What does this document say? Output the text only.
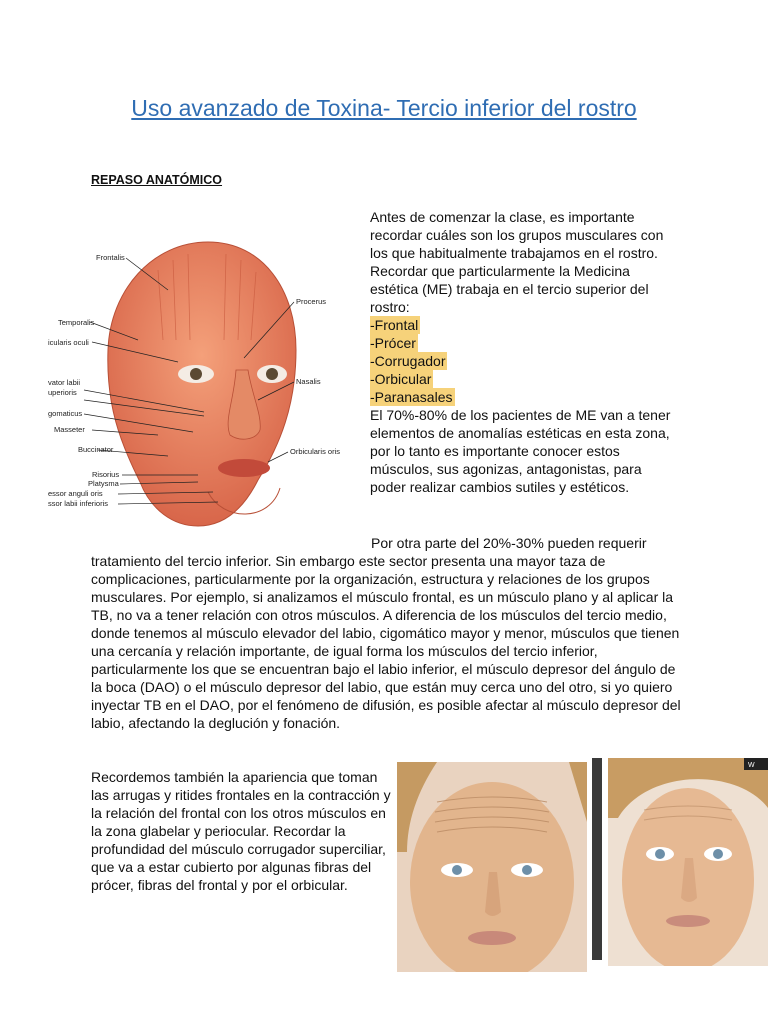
Uso avanzado de Toxina- Tercio inferior del rostro
REPASO ANATÓMICO
Frontalis
Procerus
Temporalis
icularis oculi
vator labii
uperioris
gomaticus
Nasalis
Masseter
Buccinator	Orbicularis oris
Risorius
Platysma
essor anguli oris
ssor labii inferioris

Antes de comenzar la clase, es importante recordar cuáles son los grupos musculares con los que habitualmente trabajamos en el rostro. Recordar que particularmente la Medicina estética (ME) trabaja en el tercio superior del rostro:

-Frontal
-Prócer
-Corrugador
-Orbicular
-Paranasales

El 70%-80% de los pacientes de ME van a tener elementos de anomalías estéticas en esta zona, por lo tanto es importante conocer estos músculos, sus agonizas, antagonistas, para poder realizar cambios sutiles y estéticos.

Por otra parte del 20%-30% pueden requerir tratamiento del tercio inferior. Sin embargo este sector presenta una mayor taza de complicaciones, particularmente por la organización, estructura y relaciones de los grupos musculares. Por ejemplo, si analizamos el músculo frontal, es un músculo plano y al aplicar la TB, no va a tener relación con otros músculos. A diferencia de los músculos del tercio medio, donde tenemos al músculo elevador del labio, cigomático mayor y menor, músculos que tienen una cercanía y relación importante, de igual forma los músculos del tercio inferior, particularmente los que se encuentran bajo el labio inferior, el músculo depresor del ángulo de la boca (DAO) o el músculo depresor del labio, que están muy cerca uno del otro, si yo quiero inyectar TB en el DAO, por el fenómeno de difusión, es posible afectar al músculo depresor del labio, afectando la deglución y fonación.
Recordemos también la apariencia que toman las arrugas y ritides frontales en la contracción y la relación del frontal con los otros músculos en la zona glabelar y periocular. Recordar la profundidad del músculo corrugador superciliar, que va a estar cubierto por algunas fibras del prócer, fibras del frontal y por el orbicular.
W
